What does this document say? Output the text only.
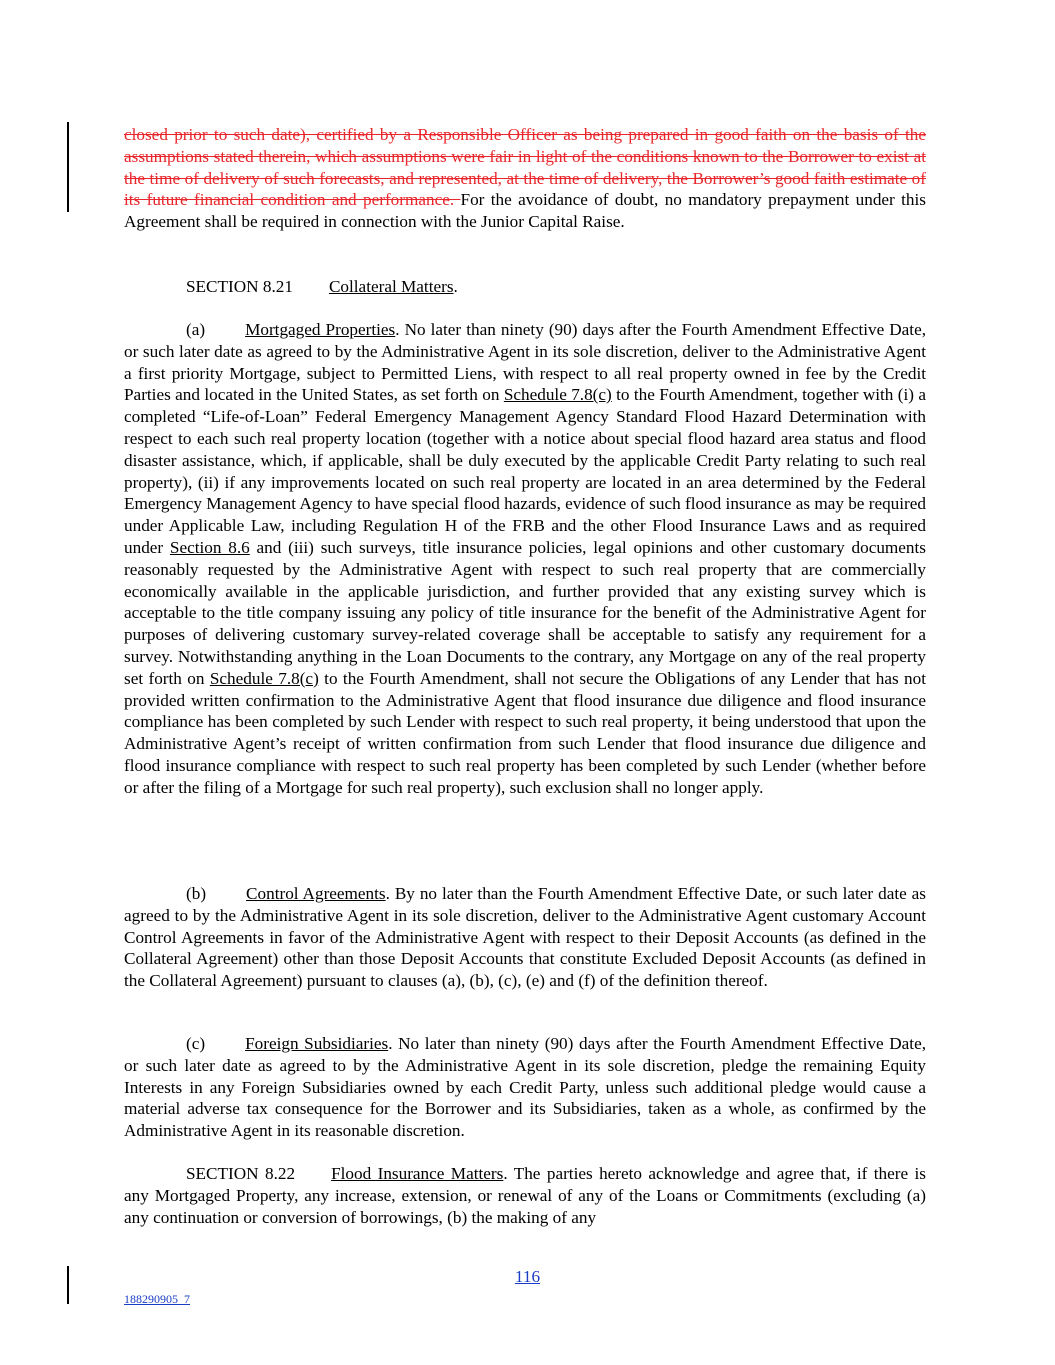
closed prior to such date), certified by a Responsible Officer as being prepared in good faith on the basis of the assumptions stated therein, which assumptions were fair in light of the conditions known to the Borrower to exist at the time of delivery of such forecasts, and represented, at the time of delivery, the Borrower’s good faith estimate of its future financial condition and performance. For the avoidance of doubt, no mandatory prepayment under this Agreement shall be required in connection with the Junior Capital Raise.

SECTION 8.21 Collateral Matters.

(a) Mortgaged Properties. No later than ninety (90) days after the Fourth Amendment Effective Date, or such later date as agreed to by the Administrative Agent in its sole discretion, deliver to the Administrative Agent a first priority Mortgage, subject to Permitted Liens, with respect to all real property owned in fee by the Credit Parties and located in the United States, as set forth on Schedule 7.8(c) to the Fourth Amendment, together with (i) a completed “Life-of-Loan” Federal Emergency Management Agency Standard Flood Hazard Determination with respect to each such real property location (together with a notice about special flood hazard area status and flood disaster assistance, which, if applicable, shall be duly executed by the applicable Credit Party relating to such real property), (ii) if any improvements located on such real property are located in an area determined by the Federal Emergency Management Agency to have special flood hazards, evidence of such flood insurance as may be required under Applicable Law, including Regulation H of the FRB and the other Flood Insurance Laws and as required under Section 8.6 and (iii) such surveys, title insurance policies, legal opinions and other customary documents reasonably requested by the Administrative Agent with respect to such real property that are commercially economically available in the applicable jurisdiction, and further provided that any existing survey which is acceptable to the title company issuing any policy of title insurance for the benefit of the Administrative Agent for purposes of delivering customary survey-related coverage shall be acceptable to satisfy any requirement for a survey. Notwithstanding anything in the Loan Documents to the contrary, any Mortgage on any of the real property set forth on Schedule 7.8(c) to the Fourth Amendment, shall not secure the Obligations of any Lender that has not provided written confirmation to the Administrative Agent that flood insurance due diligence and flood insurance compliance has been completed by such Lender with respect to such real property, it being understood that upon the Administrative Agent’s receipt of written confirmation from such Lender that flood insurance due diligence and flood insurance compliance with respect to such real property has been completed by such Lender (whether before or after the filing of a Mortgage for such real property), such exclusion shall no longer apply.

(b) Control Agreements. By no later than the Fourth Amendment Effective Date, or such later date as agreed to by the Administrative Agent in its sole discretion, deliver to the Administrative Agent customary Account Control Agreements in favor of the Administrative Agent with respect to their Deposit Accounts (as defined in the Collateral Agreement) other than those Deposit Accounts that constitute Excluded Deposit Accounts (as defined in the Collateral Agreement) pursuant to clauses (a), (b), (c), (e) and (f) of the definition thereof.

(c) Foreign Subsidiaries. No later than ninety (90) days after the Fourth Amendment Effective Date, or such later date as agreed to by the Administrative Agent in its sole discretion, pledge the remaining Equity Interests in any Foreign Subsidiaries owned by each Credit Party, unless such additional pledge would cause a material adverse tax consequence for the Borrower and its Subsidiaries, taken as a whole, as confirmed by the Administrative Agent in its reasonable discretion.

SECTION 8.22 Flood Insurance Matters. The parties hereto acknowledge and agree that, if there is any Mortgaged Property, any increase, extension, or renewal of any of the Loans or Commitments (excluding (a) any continuation or conversion of borrowings, (b) the making of any

116
188290905_7
